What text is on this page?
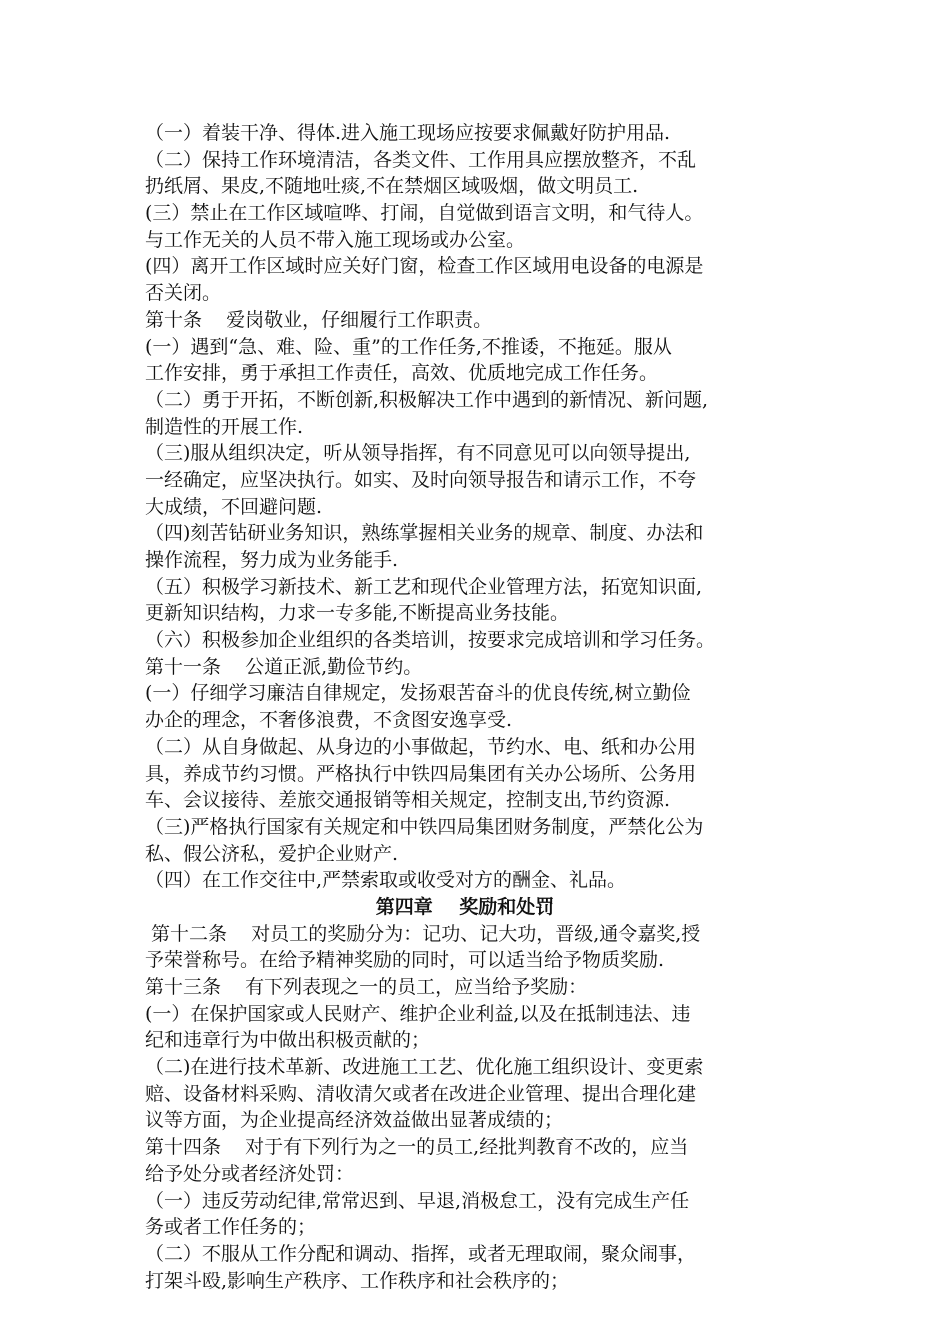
（一）着装干净、得体.进入施工现场应按要求佩戴好防护用品.
（二）保持工作环境清洁，各类文件、工作用具应摆放整齐，不乱
扔纸屑、果皮,不随地吐痰,不在禁烟区域吸烟，做文明员工.
(三）禁止在工作区域喧哗、打闹，自觉做到语言文明，和气待人。
与工作无关的人员不带入施工现场或办公室。
(四）离开工作区域时应关好门窗，检查工作区域用电设备的电源是
否关闭。
第十条    爱岗敬业，仔细履行工作职责。
(一）遇到“急、难、险、重”的工作任务,不推诿，不拖延。服从
工作安排，勇于承担工作责任，高效、优质地完成工作任务。
（二）勇于开拓，不断创新,积极解决工作中遇到的新情况、新问题,
制造性的开展工作.
（三)服从组织决定，听从领导指挥，有不同意见可以向领导提出,
一经确定，应坚决执行。如实、及时向领导报告和请示工作，不夸
大成绩，不回避问题.
（四)刻苦钻研业务知识，熟练掌握相关业务的规章、制度、办法和
操作流程，努力成为业务能手.
（五）积极学习新技术、新工艺和现代企业管理方法，拓宽知识面,
更新知识结构，力求一专多能,不断提高业务技能。
（六）积极参加企业组织的各类培训，按要求完成培训和学习任务。
第十一条    公道正派,勤俭节约。
(一）仔细学习廉洁自律规定，发扬艰苦奋斗的优良传统,树立勤俭
办企的理念，不奢侈浪费，不贪图安逸享受.
（二）从自身做起、从身边的小事做起，节约水、电、纸和办公用
具，养成节约习惯。严格执行中铁四局集团有关办公场所、公务用
车、会议接待、差旅交通报销等相关规定，控制支出,节约资源.
（三)严格执行国家有关规定和中铁四局集团财务制度，严禁化公为
私、假公济私，爱护企业财产.
（四）在工作交往中,严禁索取或收受对方的酬金、礼品。
第四章    奖励和处罚
第十二条    对员工的奖励分为：记功、记大功，晋级,通令嘉奖,授
予荣誉称号。在给予精神奖励的同时，可以适当给予物质奖励.
第十三条    有下列表现之一的员工，应当给予奖励：
(一）在保护国家或人民财产、维护企业利益,以及在抵制违法、违
纪和违章行为中做出积极贡献的；
（二)在进行技术革新、改进施工工艺、优化施工组织设计、变更索
赔、设备材料采购、清收清欠或者在改进企业管理、提出合理化建
议等方面，为企业提高经济效益做出显著成绩的；
第十四条    对于有下列行为之一的员工,经批判教育不改的，应当
给予处分或者经济处罚：
（一）违反劳动纪律,常常迟到、早退,消极怠工，没有完成生产任
务或者工作任务的；
（二）不服从工作分配和调动、指挥，或者无理取闹，聚众闹事，
打架斗殴,影响生产秩序、工作秩序和社会秩序的；
